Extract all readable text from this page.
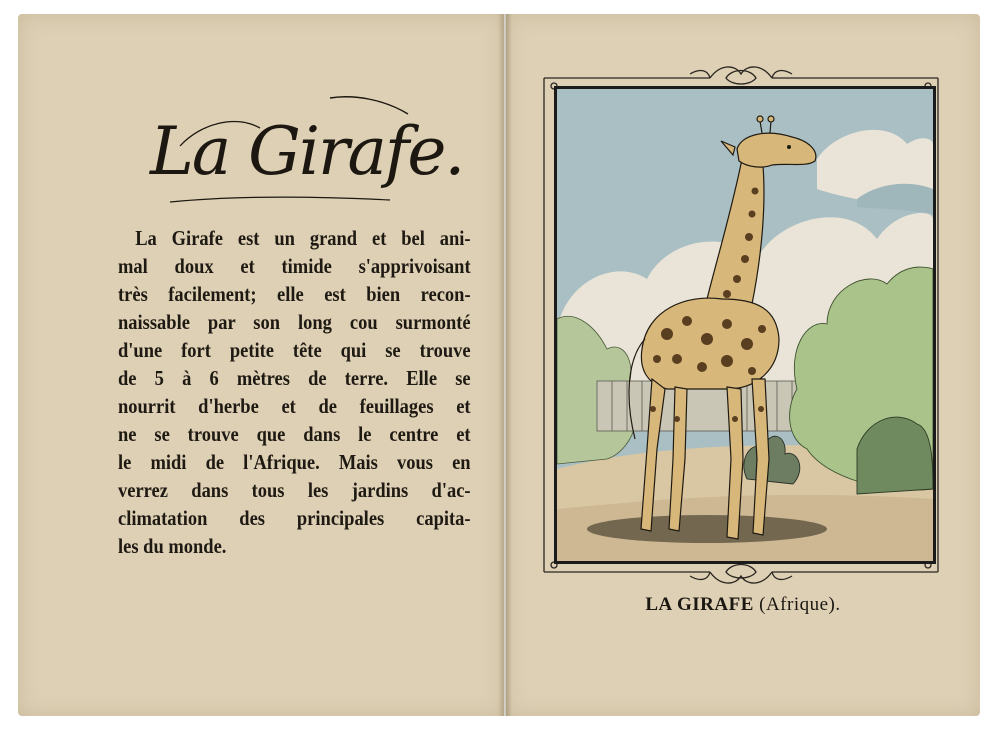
La Girafe.
La Girafe est un grand et bel ani-
mal doux et timide s'apprivoisant
très facilement; elle est bien recon-
naissable par son long cou surmonté
d'une fort petite tête qui se trouve
de 5 à 6 mètres de terre. Elle se
nourrit d'herbe et de feuillages et
ne se trouve que dans le centre et
le midi de l'Afrique. Mais vous en
verrez dans tous les jardins d'ac-
climatation des principales capita-
les du monde.
LA GIRAFE (Afrique).
